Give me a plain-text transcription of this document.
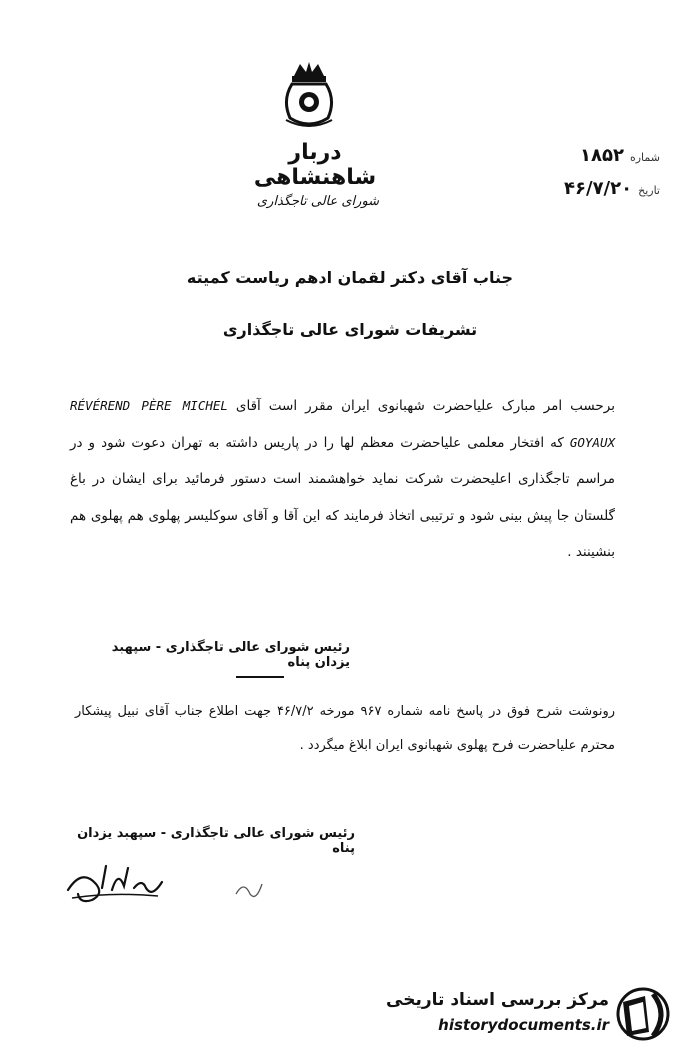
دربار شاهنشاهی
شورای عالی تاجگذاری
شماره
۱۸۵۲
تاریخ
۴۶/۷/۲۰
جناب آقای دکتر لقمان ادهم ریاست کمیته
تشریفات شورای عالی تاجگذاری
برحسب امر مبارک علیاحضرت شهبانوی ایران مقرر است آقای RÉVÉREND PÈRE MICHEL GOYAUX که افتخار معلمی علیاحضرت معظم لها را در پاریس داشته به تهران دعوت شود و در مراسم تاجگذاری اعلیحضرت شرکت نماید خواهشمند است دستور فرمائید برای ایشان در باغ گلستان جا پیش بینی شود و ترتیبی اتخاذ فرمایند که این آقا و آقای سوکلیسر پهلوی هم پهلوی هم بنشینند .
رئیس شورای عالی تاجگذاری - سپهبد یزدان پناه
رونوشت شرح فوق در پاسخ نامه شماره ۹۶۷ مورخه ۴۶/۷/۲ جهت اطلاع جناب آقای نبیل پیشکار محترم علیاحضرت فرح پهلوی شهبانوی ایران ابلاغ میگردد .
رئیس شورای عالی تاجگذاری - سپهبد یزدان پناه
مرکز بررسی اسناد تاریخی
historydocuments.ir
